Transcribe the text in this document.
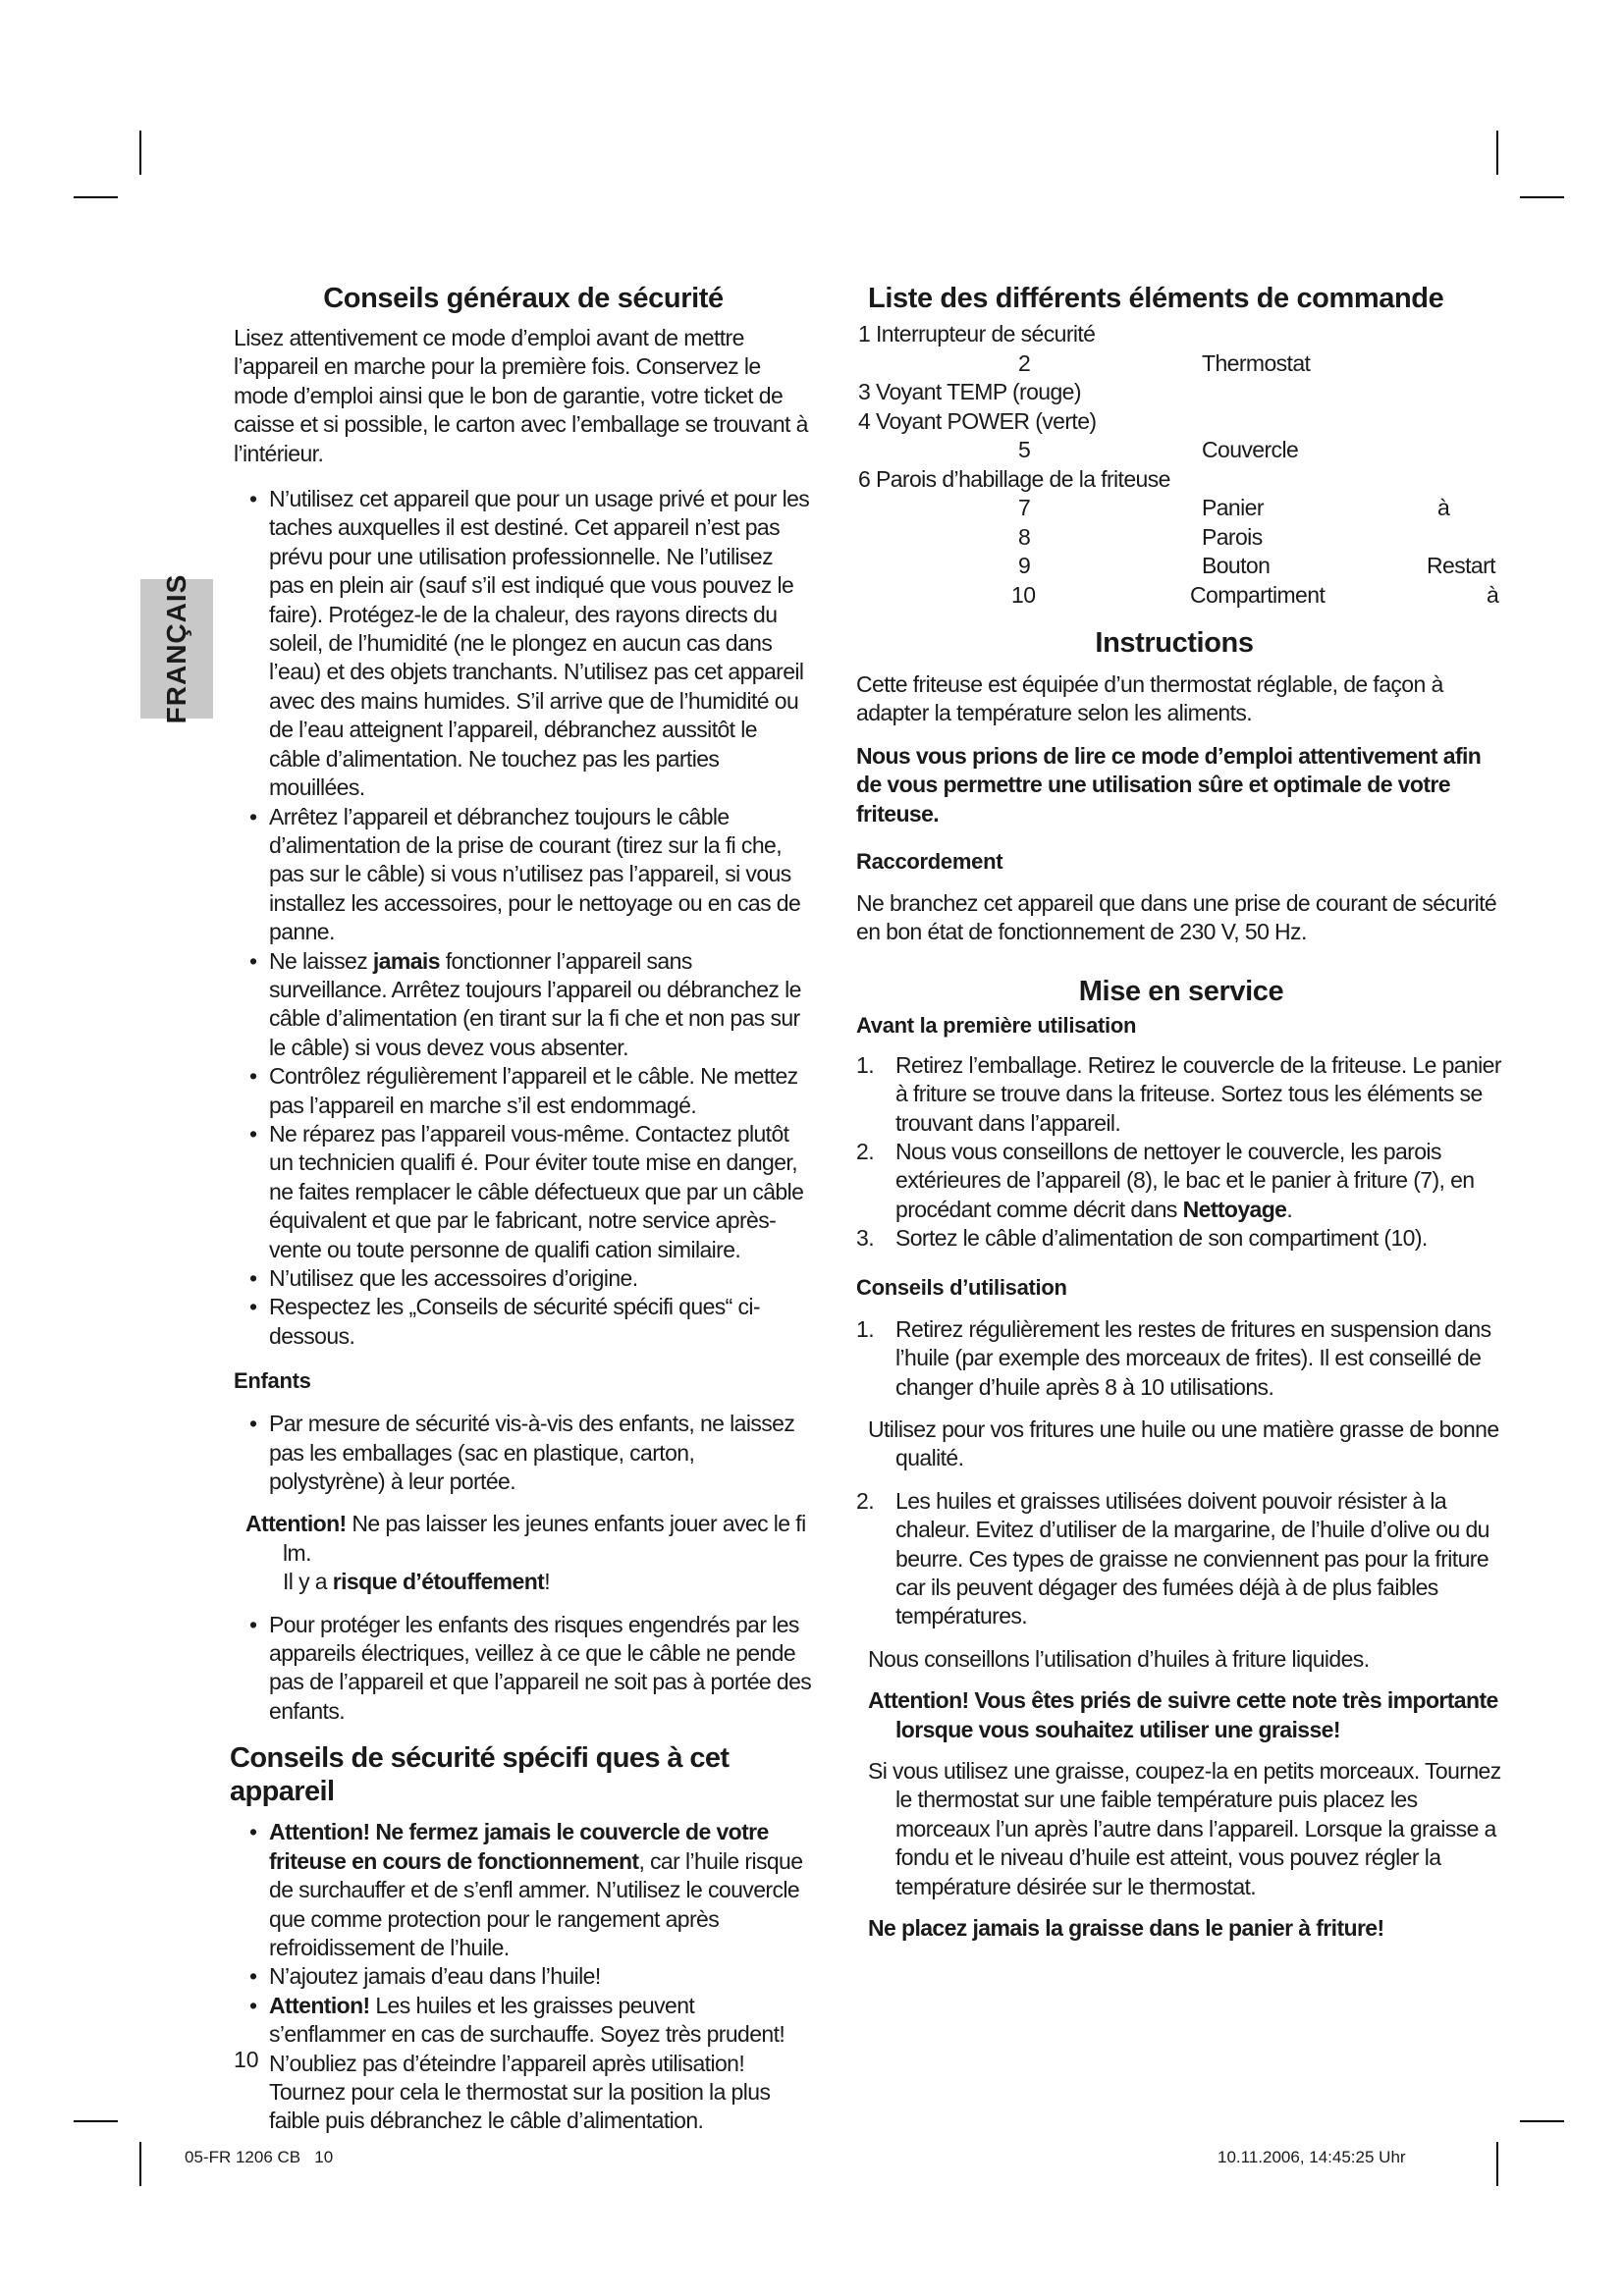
FRANÇAIS
Conseils généraux de sécurité

Lisez attentivement ce mode d’emploi avant de mettre l’appareil en marche pour la première fois. Conservez le mode d’emploi ainsi que le bon de garantie, votre ticket de caisse et si possible, le carton avec l’emballage se trouvant à l’intérieur.

• N’utilisez cet appareil que pour un usage privé et pour les taches auxquelles il est destiné. Cet appareil n’est pas prévu pour une utilisation professionnelle. Ne l’utilisez pas en plein air (sauf s’il est indiqué que vous pouvez le faire). Protégez-le de la chaleur, des rayons directs du soleil, de l’humidité (ne le plongez en aucun cas dans l’eau) et des objets tranchants. N’utilisez pas cet appareil avec des mains humides. S’il arrive que de l’humidité ou de l’eau atteignent l’appareil, débranchez aussitôt le câble d’alimentation. Ne touchez pas les parties mouillées.
• Arrêtez l’appareil et débranchez toujours le câble d’alimentation de la prise de courant (tirez sur la fi che, pas sur le câble) si vous n’utilisez pas l’appareil, si vous installez les accessoires, pour le nettoyage ou en cas de panne.
• Ne laissez jamais fonctionner l’appareil sans surveillance. Arrêtez toujours l’appareil ou débranchez le câble d’alimentation (en tirant sur la fi che et non pas sur le câble) si vous devez vous absenter.
• Contrôlez régulièrement l’appareil et le câble. Ne mettez pas l’appareil en marche s’il est endommagé.
• Ne réparez pas l’appareil vous-même. Contactez plutôt un technicien qualifi é. Pour éviter toute mise en danger, ne faites remplacer le câble défectueux que par un câble équivalent et que par le fabricant, notre service après-vente ou toute personne de qualifi cation similaire.
• N’utilisez que les accessoires d’origine.
• Respectez les „Conseils de sécurité spécifi ques“ ci-dessous.
Enfants
• Par mesure de sécurité vis-à-vis des enfants, ne laissez pas les emballages (sac en plastique, carton, polystyrène) à leur portée.

Attention! Ne pas laisser les jeunes enfants jouer avec le fi lm.

Il y a risque d’étouffement!

• Pour protéger les enfants des risques engendrés par les appareils électriques, veillez à ce que le câble ne pende pas de l’appareil et que l’appareil ne soit pas à portée des enfants.
Conseils de sécurité spécifi ques à cet appareil
• Attention! Ne fermez jamais le couvercle de votre friteuse en cours de fonctionnement, car l’huile risque de surchauffer et de s’enfl ammer. N’utilisez le couvercle que comme protection pour le rangement après refroidissement de l’huile.
• N’ajoutez jamais d’eau dans l’huile!
• Attention! Les huiles et les graisses peuvent s’enflammer en cas de surchauffe. Soyez très prudent! N’oubliez pas d’éteindre l’appareil après utilisation! Tournez pour cela le thermostat sur la position la plus faible puis débranchez le câble d’alimentation.
10
Liste des différents éléments de commande
1 Interrupteur de sécurité
2	Thermostat
3 Voyant TEMP (rouge)
4 Voyant POWER (verte)
5	Couvercle
6 Parois d’habillage de la friteuse
7	Panier	à
8	Parois
9	Bouton	Restart
10	Compartiment	à
Instructions

Cette friteuse est équipée d’un thermostat réglable, de façon à adapter la température selon les aliments.

Nous vous prions de lire ce mode d’emploi attentivement afin de vous permettre une utilisation sûre et optimale de votre friteuse.

Raccordement

Ne branchez cet appareil que dans une prise de courant de sécurité en bon état de fonctionnement de 230 V, 50 Hz.

Mise en service
Avant la première utilisation
1. Retirez l’emballage. Retirez le couvercle de la friteuse. Le panier à friture se trouve dans la friteuse. Sortez tous les éléments se trouvant dans l’appareil.
2. Nous vous conseillons de nettoyer le couvercle, les parois extérieures de l’appareil (8), le bac et le panier à friture (7), en procédant comme décrit dans Nettoyage.
3. Sortez le câble d’alimentation de son compartiment (10).
Conseils d’utilisation
1. Retirez régulièrement les restes de fritures en suspension dans l’huile (par exemple des morceaux de frites). Il est conseillé de changer d’huile après 8 à 10 utilisations.

Utilisez pour vos fritures une huile ou une matière grasse de bonne qualité.

2. Les huiles et graisses utilisées doivent pouvoir résister à la chaleur. Evitez d’utiliser de la margarine, de l’huile d’olive ou du beurre. Ces types de graisse ne conviennent pas pour la friture car ils peuvent dégager des fumées déjà à de plus faibles températures.

Nous conseillons l’utilisation d’huiles à friture liquides.

Attention! Vous êtes priés de suivre cette note très importante lorsque vous souhaitez utiliser une graisse!

Si vous utilisez une graisse, coupez-la en petits morceaux. Tournez le thermostat sur une faible température puis placez les morceaux l’un après l’autre dans l’appareil. Lorsque la graisse a fondu et le niveau d’huile est atteint, vous pouvez régler la température désirée sur le thermostat.

Ne placez jamais la graisse dans le panier à friture!

05-FR 1206 CB   10	10.11.2006, 14:45:25 Uhr
